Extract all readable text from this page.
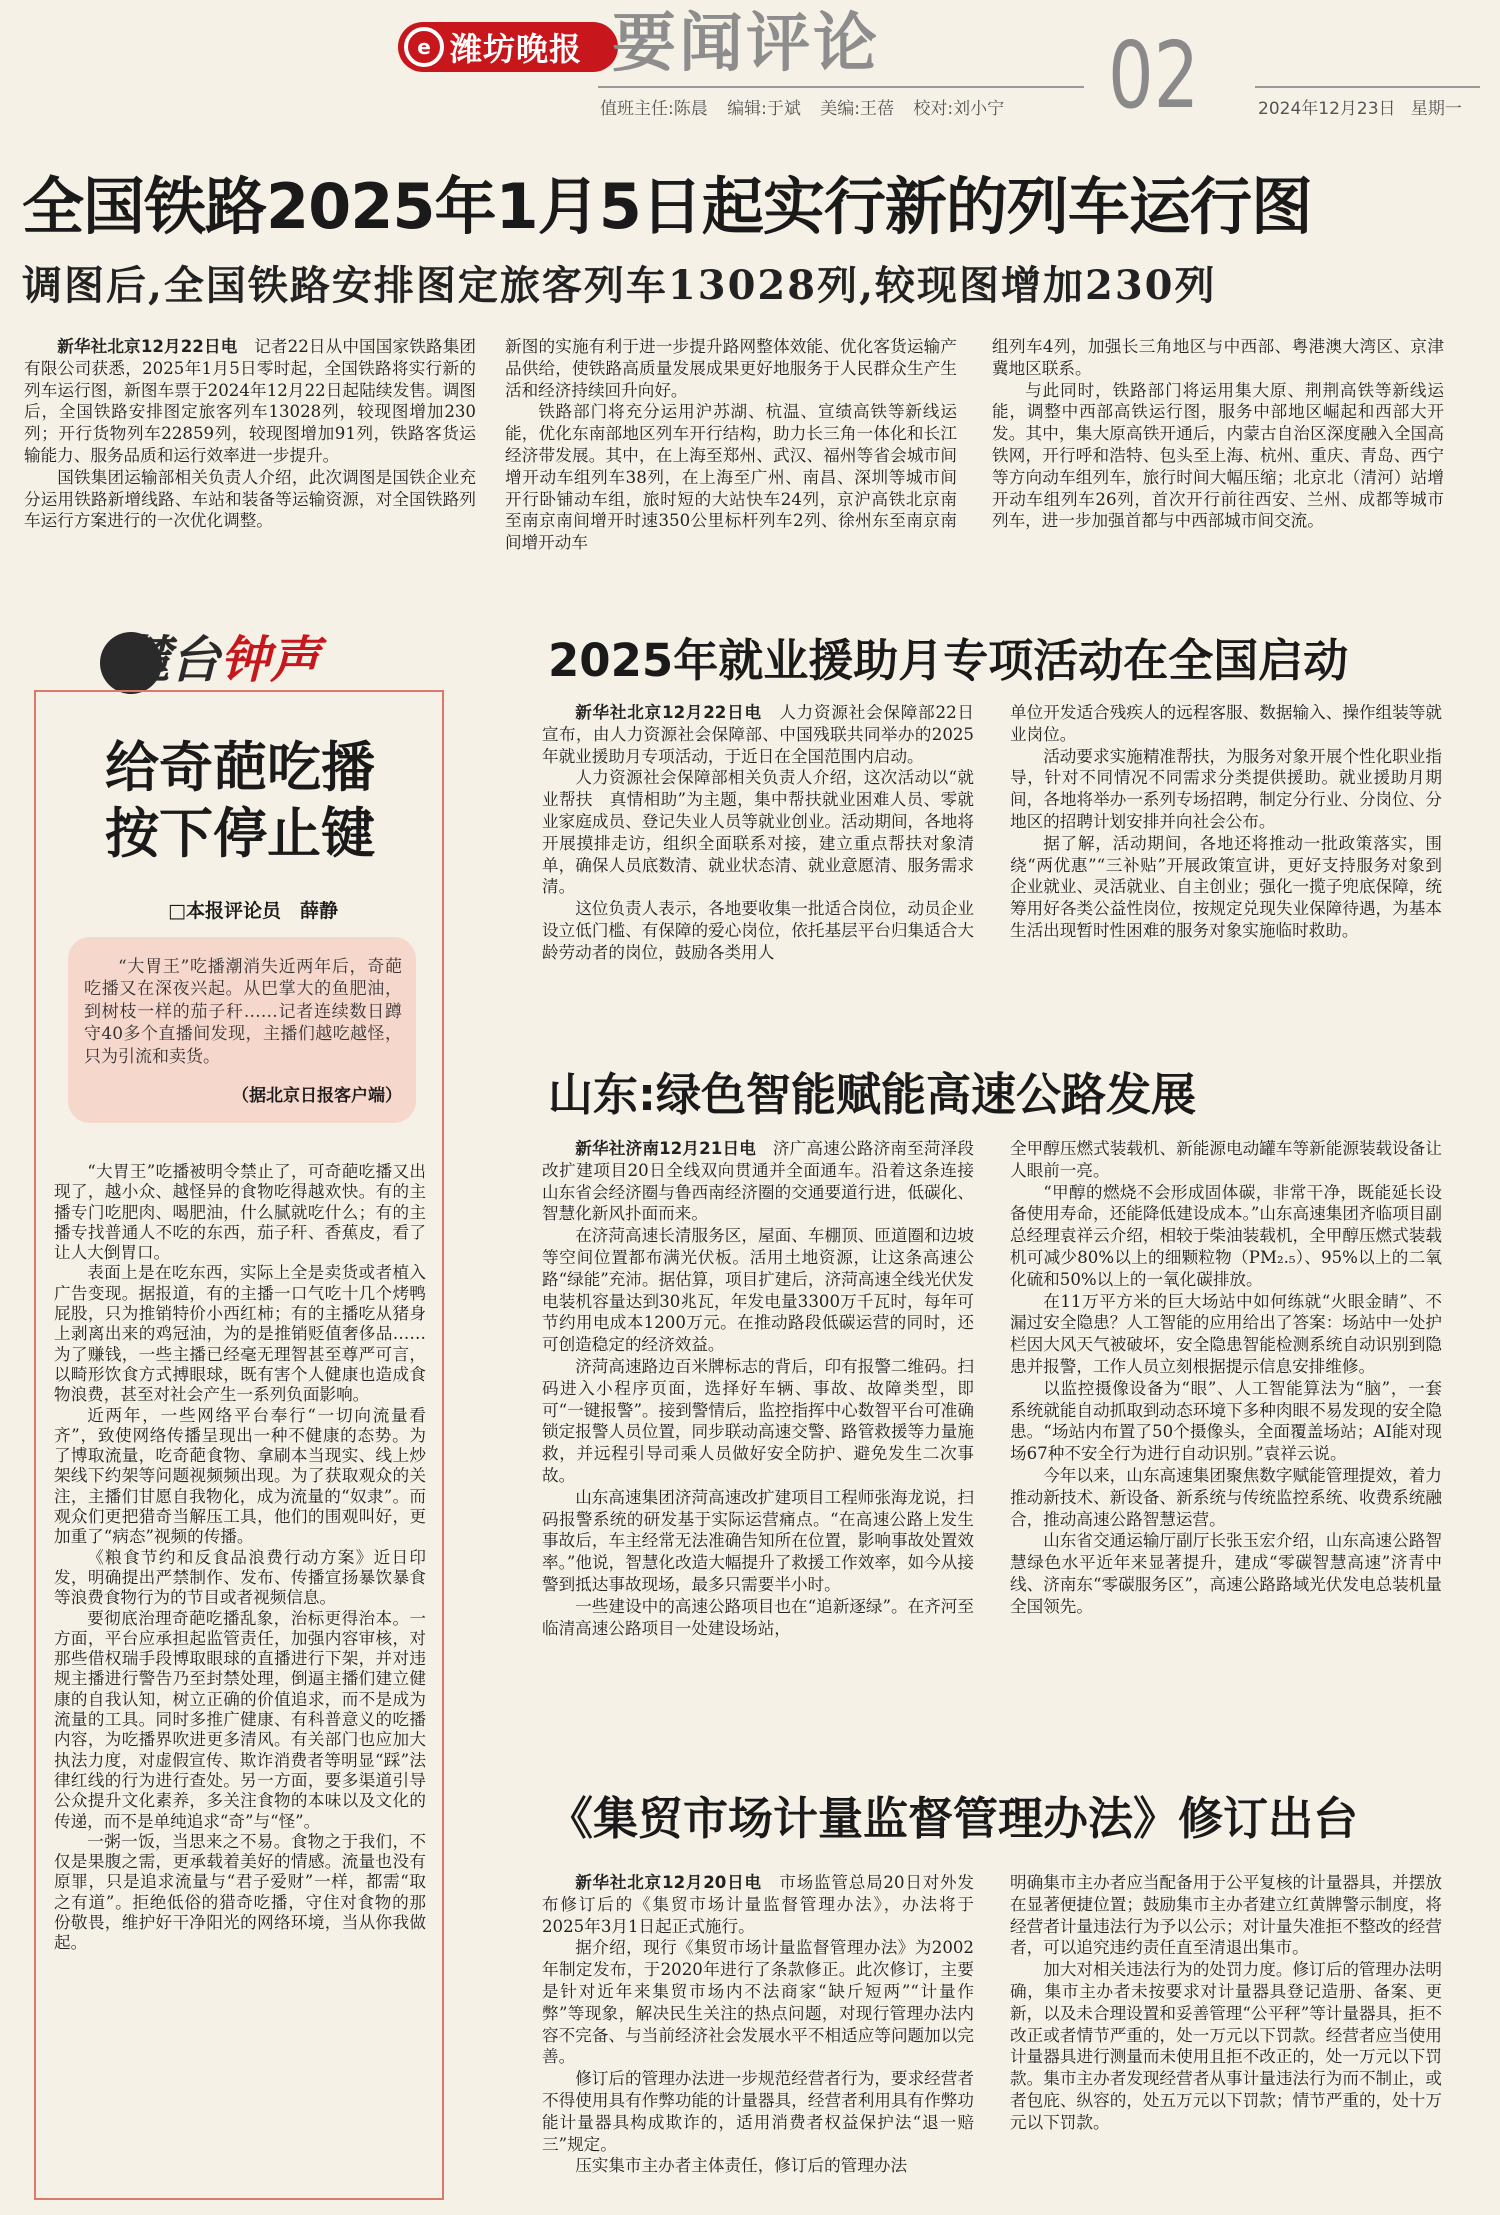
e 潍坊晚报 要闻评论 02
值班主任:陈晨 编辑:于斌 美编:王蓓 校对:刘小宁	2024年12月23日 星期一
全国铁路2025年1月5日起实行新的列车运行图
调图后,全国铁路安排图定旅客列车13028列,较现图增加230列

新华社北京12月22日电　 记者22日从中国国家铁路集团有限公司获悉，2025年1月5日零时起，全国铁路将实行新的列车运行图，新图车票于2024年12月22日起陆续发售。调图后，全国铁路安排图定旅客列车13028列，较现图增加230列；开行货物列车22859列，较现图增加91列，铁路客货运输能力、服务品质和运行效率进一步提升。

国铁集团运输部相关负责人介绍，此次调图是国铁企业充分运用铁路新增线路、车站和装备等运输资源，对全国铁路列车运行方案进行的一次优化调整。

新图的实施有利于进一步提升路网整体效能、优化客货运输产品供给，使铁路高质量发展成果更好地服务于人民群众生产生活和经济持续回升向好。

铁路部门将充分运用沪苏湖、杭温、宣绩高铁等新线运能，优化东南部地区列车开行结构，助力长三角一体化和长江经济带发展。其中，在上海至郑州、武汉、福州等省会城市间增开动车组列车38列，在上海至广州、南昌、深圳等城市间开行卧铺动车组，旅时短的大站快车24列，京沪高铁北京南至南京南间增开时速350公里标杆列车2列、徐州东至南京南间增开动车

组列车4列，加强长三角地区与中西部、粤港澳大湾区、京津冀地区联系。

与此同时，铁路部门将运用集大原、荆荆高铁等新线运能，调整中西部高铁运行图，服务中部地区崛起和西部大开发。其中，集大原高铁开通后，内蒙古自治区深度融入全国高铁网，开行呼和浩特、包头至上海、杭州、重庆、青岛、西宁等方向动车组列车，旅行时间大幅压缩；北京北（清河）站增开动车组列车26列，首次开行前往西安、兰州、成都等城市列车，进一步加强首都与中西部城市间交流。

麓台钟声
给奇葩吃播
按下停止键
□本报评论员　薛静
“大胃王”吃播潮消失近两年后，奇葩吃播又在深夜兴起。从巴掌大的鱼肥油，到树枝一样的茄子秆……记者连续数日蹲守40多个直播间发现，主播们越吃越怪，只为引流和卖货。
（据北京日报客户端）

“大胃王”吃播被明令禁止了，可奇葩吃播又出现了，越小众、越怪异的食物吃得越欢快。有的主播专门吃肥肉、喝肥油，什么腻就吃什么；有的主播专找普通人不吃的东西，茄子秆、香蕉皮，看了让人大倒胃口。

表面上是在吃东西，实际上全是卖货或者植入广告变现。据报道，有的主播一口气吃十几个烤鸭屁股，只为推销特价小西红柿；有的主播吃从猪身上剥离出来的鸡冠油，为的是推销贬值奢侈品……为了赚钱，一些主播已经毫无理智甚至尊严可言，以畸形饮食方式搏眼球，既有害个人健康也造成食物浪费，甚至对社会产生一系列负面影响。

近两年，一些网络平台奉行“一切向流量看齐”，致使网络传播呈现出一种不健康的态势。为了博取流量，吃奇葩食物、拿刷本当现实、线上炒架线下约架等问题视频频出现。为了获取观众的关注，主播们甘愿自我物化，成为流量的“奴隶”。而观众们更把猎奇当解压工具，他们的围观叫好，更加重了“病态”视频的传播。

《粮食节约和反食品浪费行动方案》近日印发，明确提出严禁制作、发布、传播宣扬暴饮暴食等浪费食物行为的节目或者视频信息。

要彻底治理奇葩吃播乱象，治标更得治本。一方面，平台应承担起监管责任，加强内容审核，对那些借权瑞手段博取眼球的直播进行下架，并对违规主播进行警告乃至封禁处理，倒逼主播们建立健康的自我认知，树立正确的价值追求，而不是成为流量的工具。同时多推广健康、有科普意义的吃播内容，为吃播界吹进更多清风。有关部门也应加大执法力度，对虚假宣传、欺诈消费者等明显“踩”法律红线的行为进行查处。另一方面，要多渠道引导公众提升文化素养，多关注食物的本味以及文化的传递，而不是单纯追求“奇”与“怪”。

一粥一饭，当思来之不易。食物之于我们，不仅是果腹之需，更承载着美好的情感。流量也没有原罪，只是追求流量与“君子爱财”一样，都需“取之有道”。拒绝低俗的猎奇吃播，守住对食物的那份敬畏，维护好干净阳光的网络环境，当从你我做起。

2025年就业援助月专项活动在全国启动

新华社北京12月22日电　 人力资源社会保障部22日宣布，由人力资源社会保障部、中国残联共同举办的2025年就业援助月专项活动，于近日在全国范围内启动。

人力资源社会保障部相关负责人介绍，这次活动以“就业帮扶　真情相助”为主题，集中帮扶就业困难人员、零就业家庭成员、登记失业人员等就业创业。活动期间，各地将开展摸排走访，组织全面联系对接，建立重点帮扶对象清单，确保人员底数清、就业状态清、就业意愿清、服务需求清。

这位负责人表示，各地要收集一批适合岗位，动员企业设立低门槛、有保障的爱心岗位，依托基层平台归集适合大龄劳动者的岗位，鼓励各类用人

单位开发适合残疾人的远程客服、数据输入、操作组装等就业岗位。

活动要求实施精准帮扶，为服务对象开展个性化职业指导，针对不同情况不同需求分类提供援助。就业援助月期间，各地将举办一系列专场招聘，制定分行业、分岗位、分地区的招聘计划安排并向社会公布。

据了解，活动期间，各地还将推动一批政策落实，围绕“两优惠”“三补贴”开展政策宣讲，更好支持服务对象到企业就业、灵活就业、自主创业；强化一揽子兜底保障，统筹用好各类公益性岗位，按规定兑现失业保障待遇，为基本生活出现暂时性困难的服务对象实施临时救助。

山东:绿色智能赋能高速公路发展

新华社济南12月21日电　 济广高速公路济南至菏泽段改扩建项目20日全线双向贯通并全面通车。沿着这条连接山东省会经济圈与鲁西南经济圈的交通要道行进，低碳化、智慧化新风扑面而来。

在济菏高速长清服务区，屋面、车棚顶、匝道圈和边坡等空间位置都布满光伏板。活用土地资源，让这条高速公路“绿能”充沛。据估算，项目扩建后，济菏高速全线光伏发电装机容量达到30兆瓦，年发电量3300万千瓦时，每年可节约用电成本1200万元。在推动路段低碳运营的同时，还可创造稳定的经济效益。

济菏高速路边百米牌标志的背后，印有报警二维码。扫码进入小程序页面，选择好车辆、事故、故障类型，即可“一键报警”。接到警情后，监控指挥中心数智平台可准确锁定报警人员位置，同步联动高速交警、路管救援等力量施救，并远程引导司乘人员做好安全防护、避免发生二次事故。

山东高速集团济菏高速改扩建项目工程师张海龙说，扫码报警系统的研发基于实际运营痛点。“在高速公路上发生事故后，车主经常无法准确告知所在位置，影响事故处置效率。”他说，智慧化改造大幅提升了救援工作效率，如今从接警到抵达事故现场，最多只需要半小时。

一些建设中的高速公路项目也在“追新逐绿”。在齐河至临清高速公路项目一处建设场站，

全甲醇压燃式装载机、新能源电动罐车等新能源装载设备让人眼前一亮。

“甲醇的燃烧不会形成固体碳，非常干净，既能延长设备使用寿命，还能降低建设成本。”山东高速集团齐临项目副总经理袁祥云介绍，相较于柴油装载机，全甲醇压燃式装载机可减少80%以上的细颗粒物（PM₂.₅）、95%以上的二氧化硫和50%以上的一氧化碳排放。

在11万平方米的巨大场站中如何练就“火眼金睛”、不漏过安全隐患？人工智能的应用给出了答案：场站中一处护栏因大风天气被破坏，安全隐患智能检测系统自动识别到隐患并报警，工作人员立刻根据提示信息安排维修。

以监控摄像设备为“眼”、人工智能算法为“脑”，一套系统就能自动抓取到动态环境下多种肉眼不易发现的安全隐患。“场站内布置了50个摄像头，全面覆盖场站；AI能对现场67种不安全行为进行自动识别。”袁祥云说。

今年以来，山东高速集团聚焦数字赋能管理提效，着力推动新技术、新设备、新系统与传统监控系统、收费系统融合，推动高速公路智慧运营。

山东省交通运输厅副厅长张玉宏介绍，山东高速公路智慧绿色水平近年来显著提升，建成“零碳智慧高速”济青中线、济南东“零碳服务区”，高速公路路域光伏发电总装机量全国领先。

《集贸市场计量监督管理办法》修订出台

新华社北京12月20日电　 市场监管总局20日对外发布修订后的《集贸市场计量监督管理办法》，办法将于2025年3月1日起正式施行。

据介绍，现行《集贸市场计量监督管理办法》为2002年制定发布，于2020年进行了条款修正。此次修订，主要是针对近年来集贸市场内不法商家“缺斤短两”“计量作弊”等现象，解决民生关注的热点问题，对现行管理办法内容不完备、与当前经济社会发展水平不相适应等问题加以完善。

修订后的管理办法进一步规范经营者行为，要求经营者不得使用具有作弊功能的计量器具，经营者利用具有作弊功能计量器具构成欺诈的，适用消费者权益保护法“退一赔三”规定。

压实集市主办者主体责任，修订后的管理办法

明确集市主办者应当配备用于公平复核的计量器具，并摆放在显著便捷位置；鼓励集市主办者建立红黄牌警示制度，将经营者计量违法行为予以公示；对计量失准拒不整改的经营者，可以追究违约责任直至清退出集市。

加大对相关违法行为的处罚力度。修订后的管理办法明确，集市主办者未按要求对计量器具登记造册、备案、更新，以及未合理设置和妥善管理“公平秤”等计量器具，拒不改正或者情节严重的，处一万元以下罚款。经营者应当使用计量器具进行测量而未使用且拒不改正的，处一万元以下罚款。集市主办者发现经营者从事计量违法行为而不制止，或者包庇、纵容的，处五万元以下罚款；情节严重的，处十万元以下罚款。
